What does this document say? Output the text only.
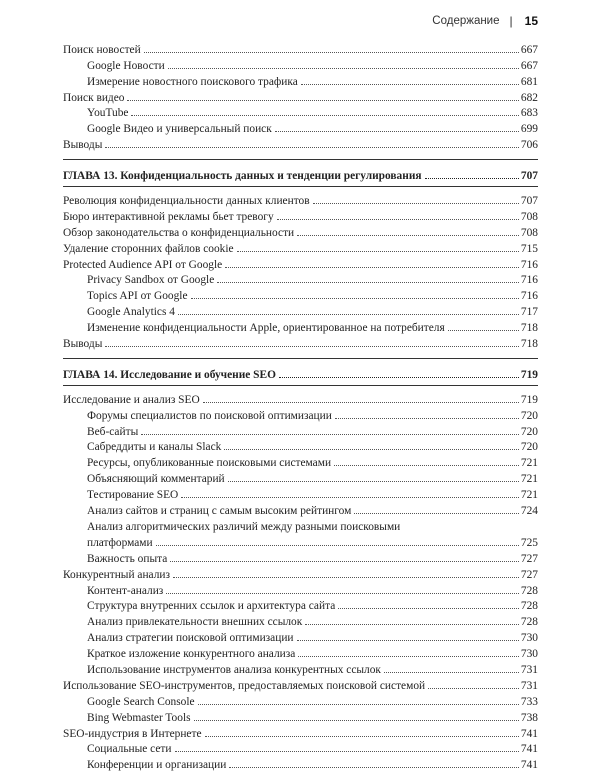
Содержание | 15
Поиск новостей	667
Google Новости	667
Измерение новостного поискового трафика	681
Поиск видео	682
YouTube	683
Google Видео и универсальный поиск	699
Выводы	706
ГЛАВА 13. Конфиденциальность данных и тенденции регулирования	707
Революция конфиденциальности данных клиентов	707
Бюро интерактивной рекламы бьет тревогу	708
Обзор законодательства о конфиденциальности	708
Удаление сторонних файлов cookie	715
Protected Audience API от Google	716
Privacy Sandbox от Google	716
Topics API от Google	716
Google Analytics 4	717
Изменение конфиденциальности Apple, ориентированное на потребителя	718
Выводы	718
ГЛАВА 14. Исследование и обучение SEO	719
Исследование и анализ SEO	719
Форумы специалистов по поисковой оптимизации	720
Веб-сайты	720
Сабреддиты и каналы Slack	720
Ресурсы, опубликованные поисковыми системами	721
Объясняющий комментарий	721
Тестирование SEO	721
Анализ сайтов и страниц с самым высоким рейтингом	724
Анализ алгоритмических различий между разными поисковыми
платформами	725
Важность опыта	727
Конкурентный анализ	727
Контент-анализ	728
Структура внутренних ссылок и архитектура сайта	728
Анализ привлекательности внешних ссылок	728
Анализ стратегии поисковой оптимизации	730
Краткое изложение конкурентного анализа	730
Использование инструментов анализа конкурентных ссылок	731
Использование SEO-инструментов, предоставляемых поисковой системой	731
Google Search Console	733
Bing Webmaster Tools	738
SEO-индустрия в Интернете	741
Социальные сети	741
Конференции и организации	741
